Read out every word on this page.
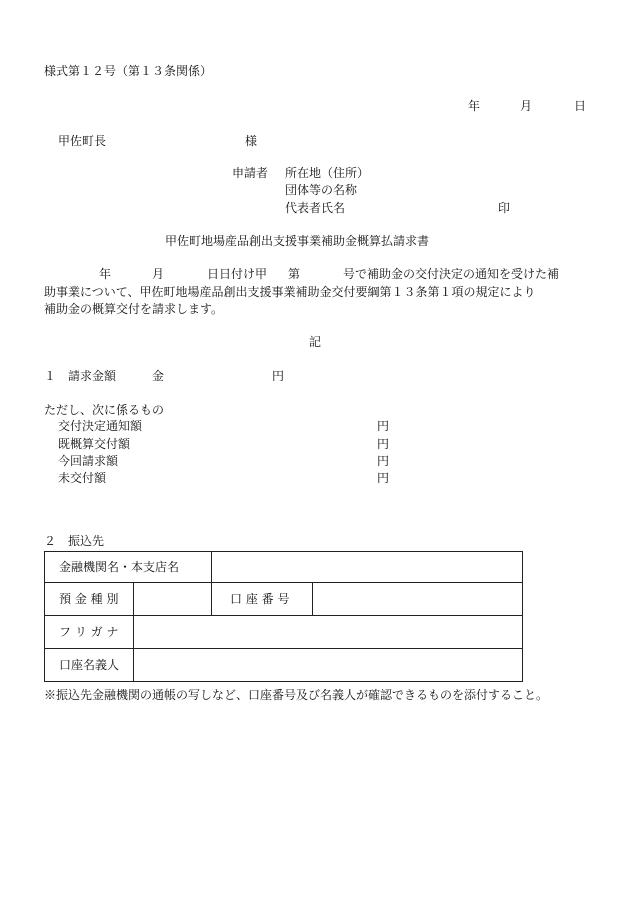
様式第１２号（第１３条関係）
年	月	日
甲佐町長	様
申請者 所在地（住所）
団体等の名称
代表者氏名	印
甲佐町地場産品創出支援事業補助金概算払請求書
年	月	日日付け甲 第	号で補助金の交付決定の通知を受けた補
助事業について、甲佐町地場産品創出支援事業補助金交付要綱第１３条第１項の規定により
補助金の概算交付を請求します。
記
１　請求金額	金	円
ただし、次に係るもの
交付決定通知額	円
既概算交付額	円
今回請求額	円
未交付額	円
２　振込先
金融機関名・本支店名			
預 金 種 別		口 座 番 号	
フ リ ガ ナ			
口座名義人			
※振込先金融機関の通帳の写しなど、口座番号及び名義人が確認できるものを添付すること。
